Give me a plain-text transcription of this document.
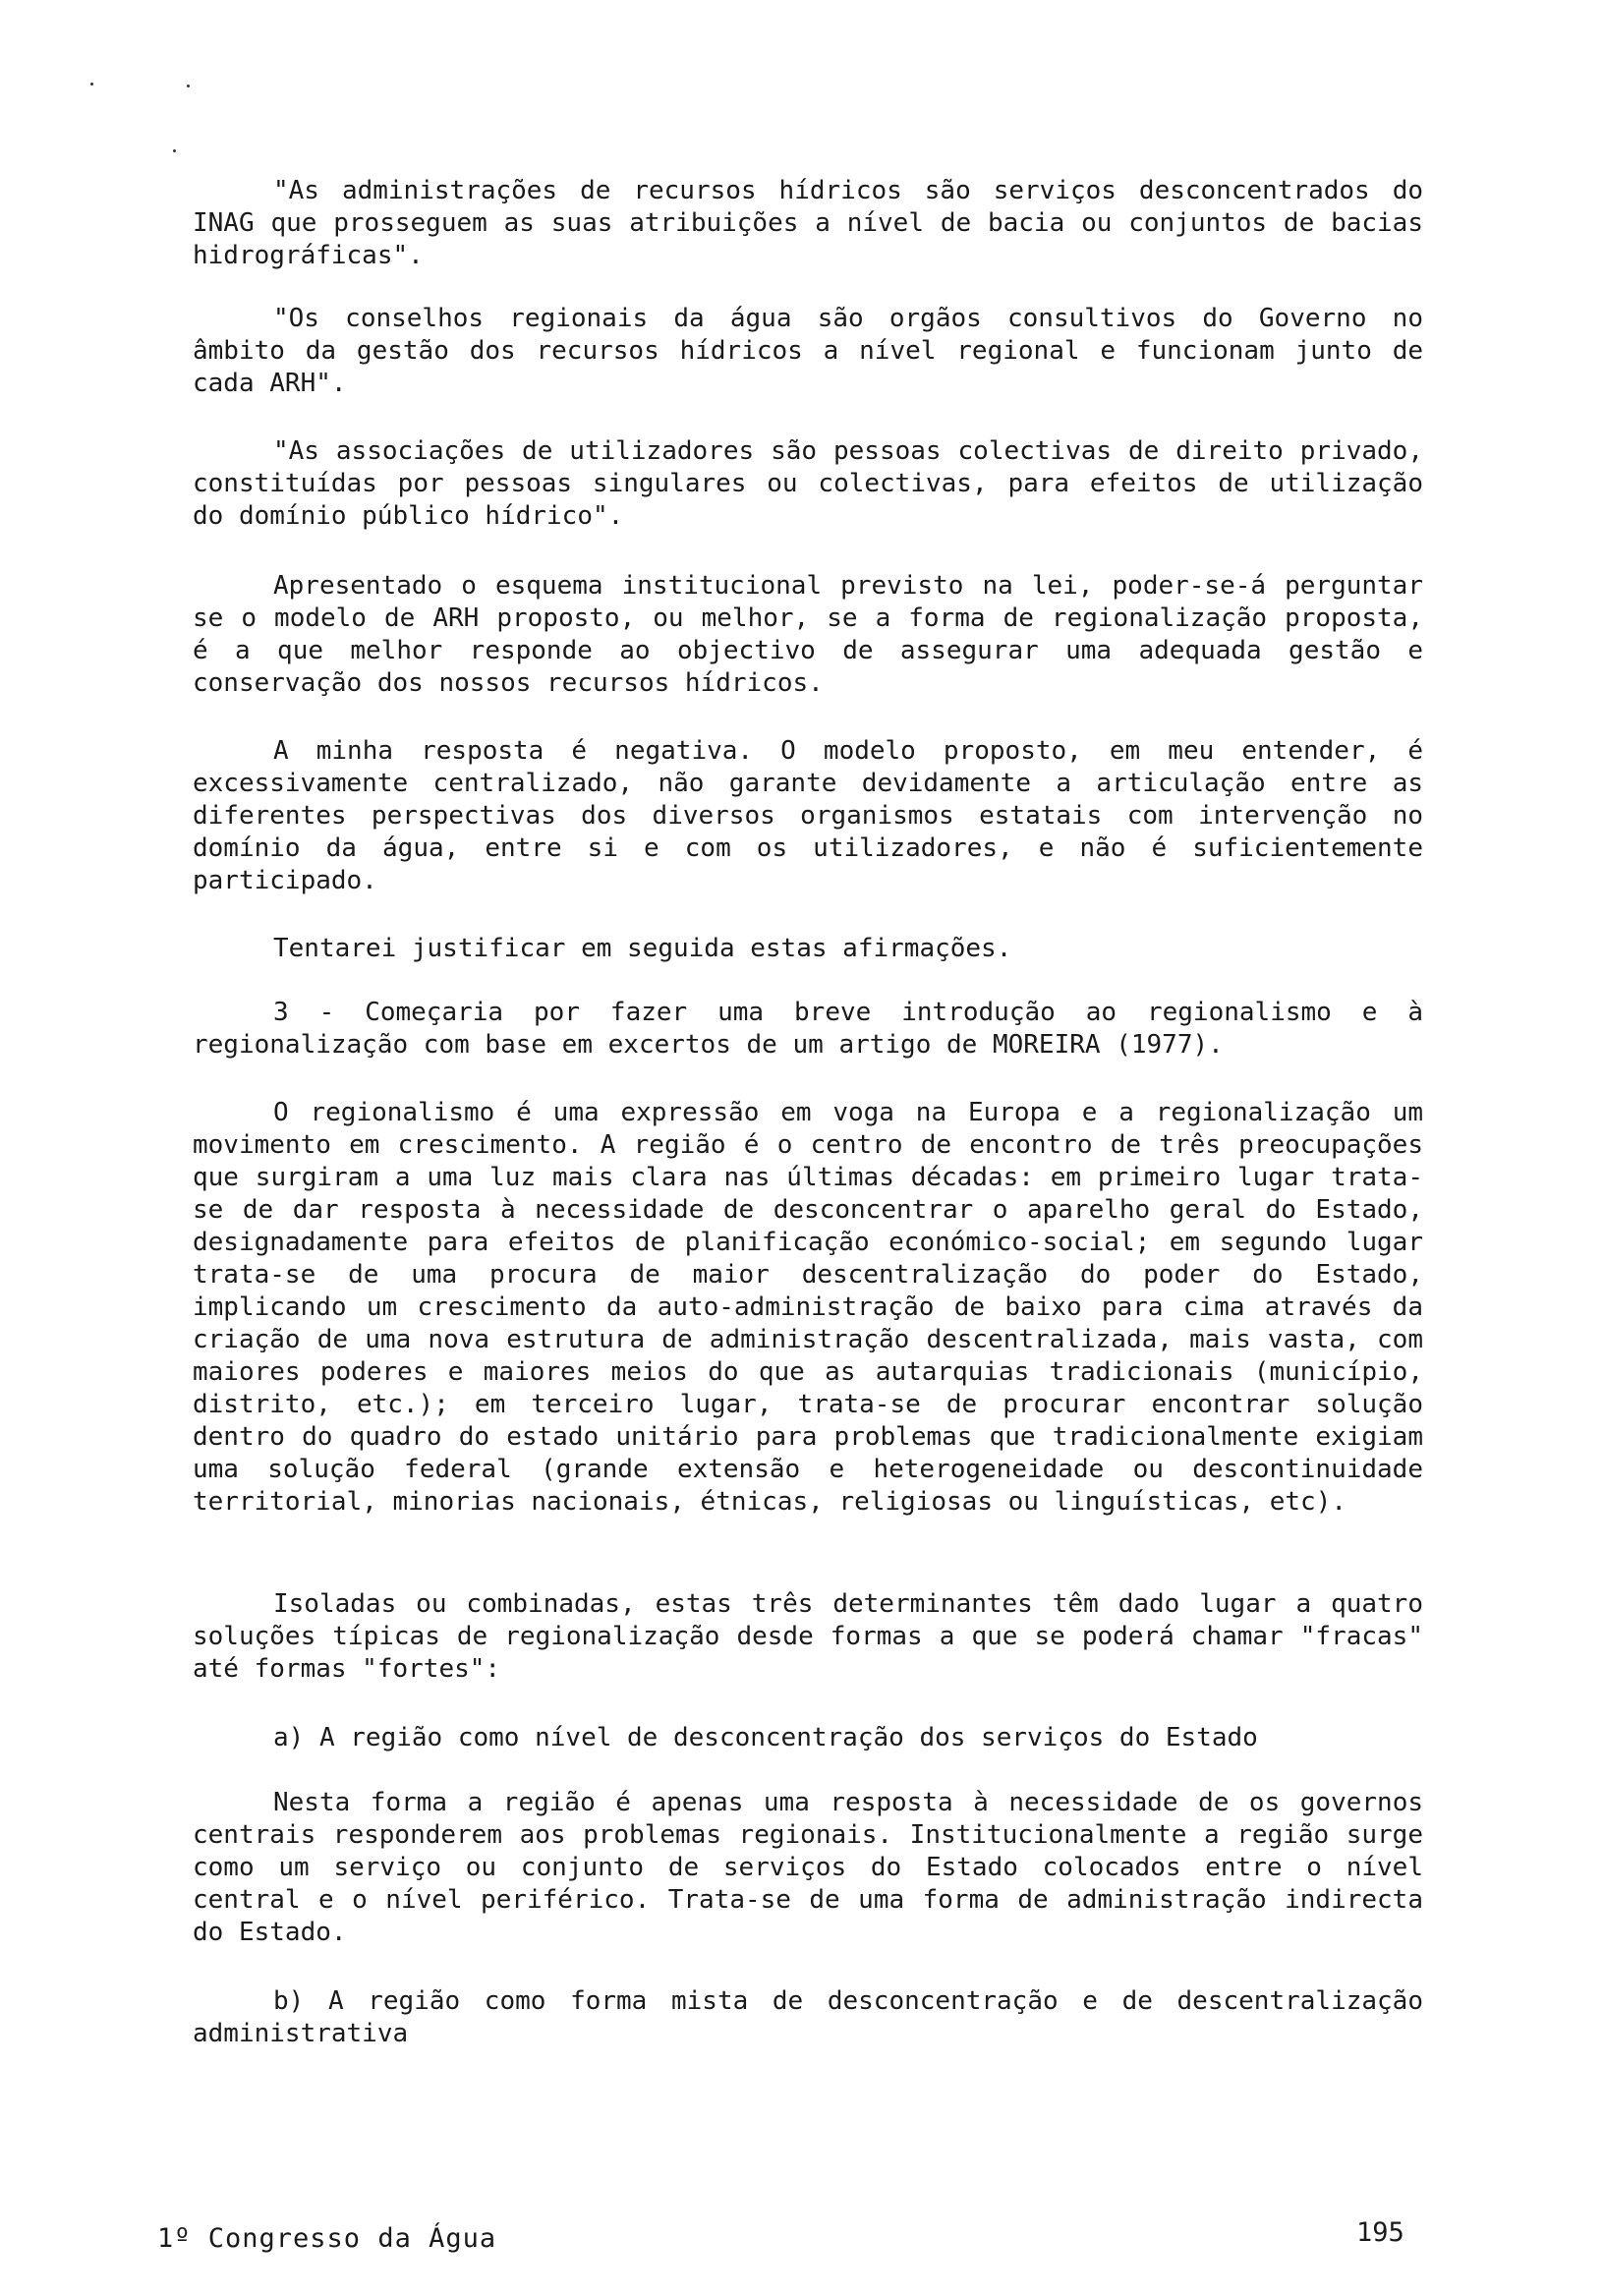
"As administrações de recursos hídricos são serviços desconcentrados do INAG que prosseguem as suas atribuições a nível de bacia ou conjuntos de bacias hidrográficas".

"Os conselhos regionais da água são orgãos consultivos do Governo no âmbito da gestão dos recursos hídricos a nível regional e funcionam junto de cada ARH".

"As associações de utilizadores são pessoas colectivas de direito privado, constituídas por pessoas singulares ou colectivas, para efeitos de utilização do domínio público hídrico".

Apresentado o esquema institucional previsto na lei, poder-se-á perguntar se o modelo de ARH proposto, ou melhor, se a forma de regionalização proposta, é a que melhor responde ao objectivo de assegurar uma adequada gestão e conservação dos nossos recursos hídricos.

A minha resposta é negativa. O modelo proposto, em meu entender, é excessivamente centralizado, não garante devidamente a articulação entre as diferentes perspectivas dos diversos organismos estatais com intervenção no domínio da água, entre si e com os utilizadores, e não é suficientemente participado.

Tentarei justificar em seguida estas afirmações.

3 - Começaria por fazer uma breve introdução ao regionalismo e à regionalização com base em excertos de um artigo de MOREIRA (1977).

O regionalismo é uma expressão em voga na Europa e a regionalização um movimento em crescimento. A região é o centro de encontro de três preocupações que surgiram a uma luz mais clara nas últimas décadas: em primeiro lugar trata-se de dar resposta à necessidade de desconcentrar o aparelho geral do Estado, designadamente para efeitos de planificação económico-social; em segundo lugar trata-se de uma procura de maior descentralização do poder do Estado, implicando um crescimento da auto-administração de baixo para cima através da criação de uma nova estrutura de administração descentralizada, mais vasta, com maiores poderes e maiores meios do que as autarquias tradicionais (município, distrito, etc.); em terceiro lugar, trata-se de procurar encontrar solução dentro do quadro do estado unitário para problemas que tradicionalmente exigiam uma solução federal (grande extensão e heterogeneidade ou descontinuidade territorial, minorias nacionais, étnicas, religiosas ou linguísticas, etc).

Isoladas ou combinadas, estas três determinantes têm dado lugar a quatro soluções típicas de regionalização desde formas a que se poderá chamar "fracas" até formas "fortes":

a) A região como nível de desconcentração dos serviços do Estado

Nesta forma a região é apenas uma resposta à necessidade de os governos centrais responderem aos problemas regionais. Institucionalmente a região surge como um serviço ou conjunto de serviços do Estado colocados entre o nível central e o nível periférico. Trata-se de uma forma de administração indirecta do Estado.

b) A região como forma mista de desconcentração e de descentralização administrativa

1º Congresso da Água	195
